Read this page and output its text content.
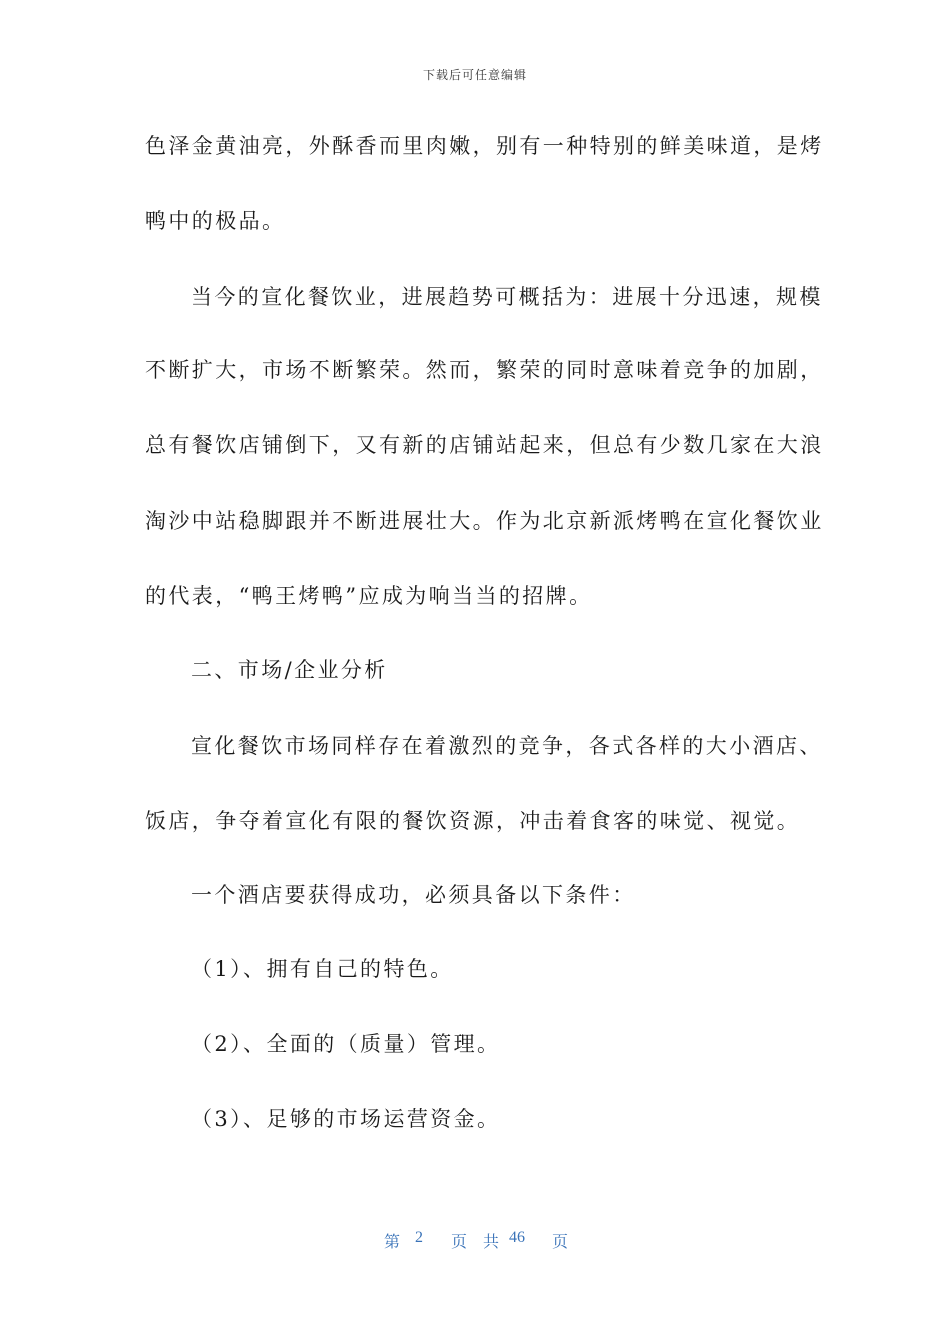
下载后可任意编辑
色泽金黄油亮，外酥香而里肉嫩，别有一种特别的鲜美味道，是烤
鸭中的极品。
当今的宣化餐饮业，进展趋势可概括为：进展十分迅速，规模
不断扩大，市场不断繁荣。然而，繁荣的同时意味着竞争的加剧，
总有餐饮店铺倒下，又有新的店铺站起来，但总有少数几家在大浪
淘沙中站稳脚跟并不断进展壮大。作为北京新派烤鸭在宣化餐饮业
的代表，“鸭王烤鸭”应成为响当当的招牌。
二、市场/企业分析
宣化餐饮市场同样存在着激烈的竞争，各式各样的大小酒店、
饭店，争夺着宣化有限的餐饮资源，冲击着食客的味觉、视觉。
一个酒店要获得成功，必须具备以下条件：
（1）、拥有自己的特色。
（2）、全面的（质量）管理。
（3）、足够的市场运营资金。
第 2 页 共 46 页
